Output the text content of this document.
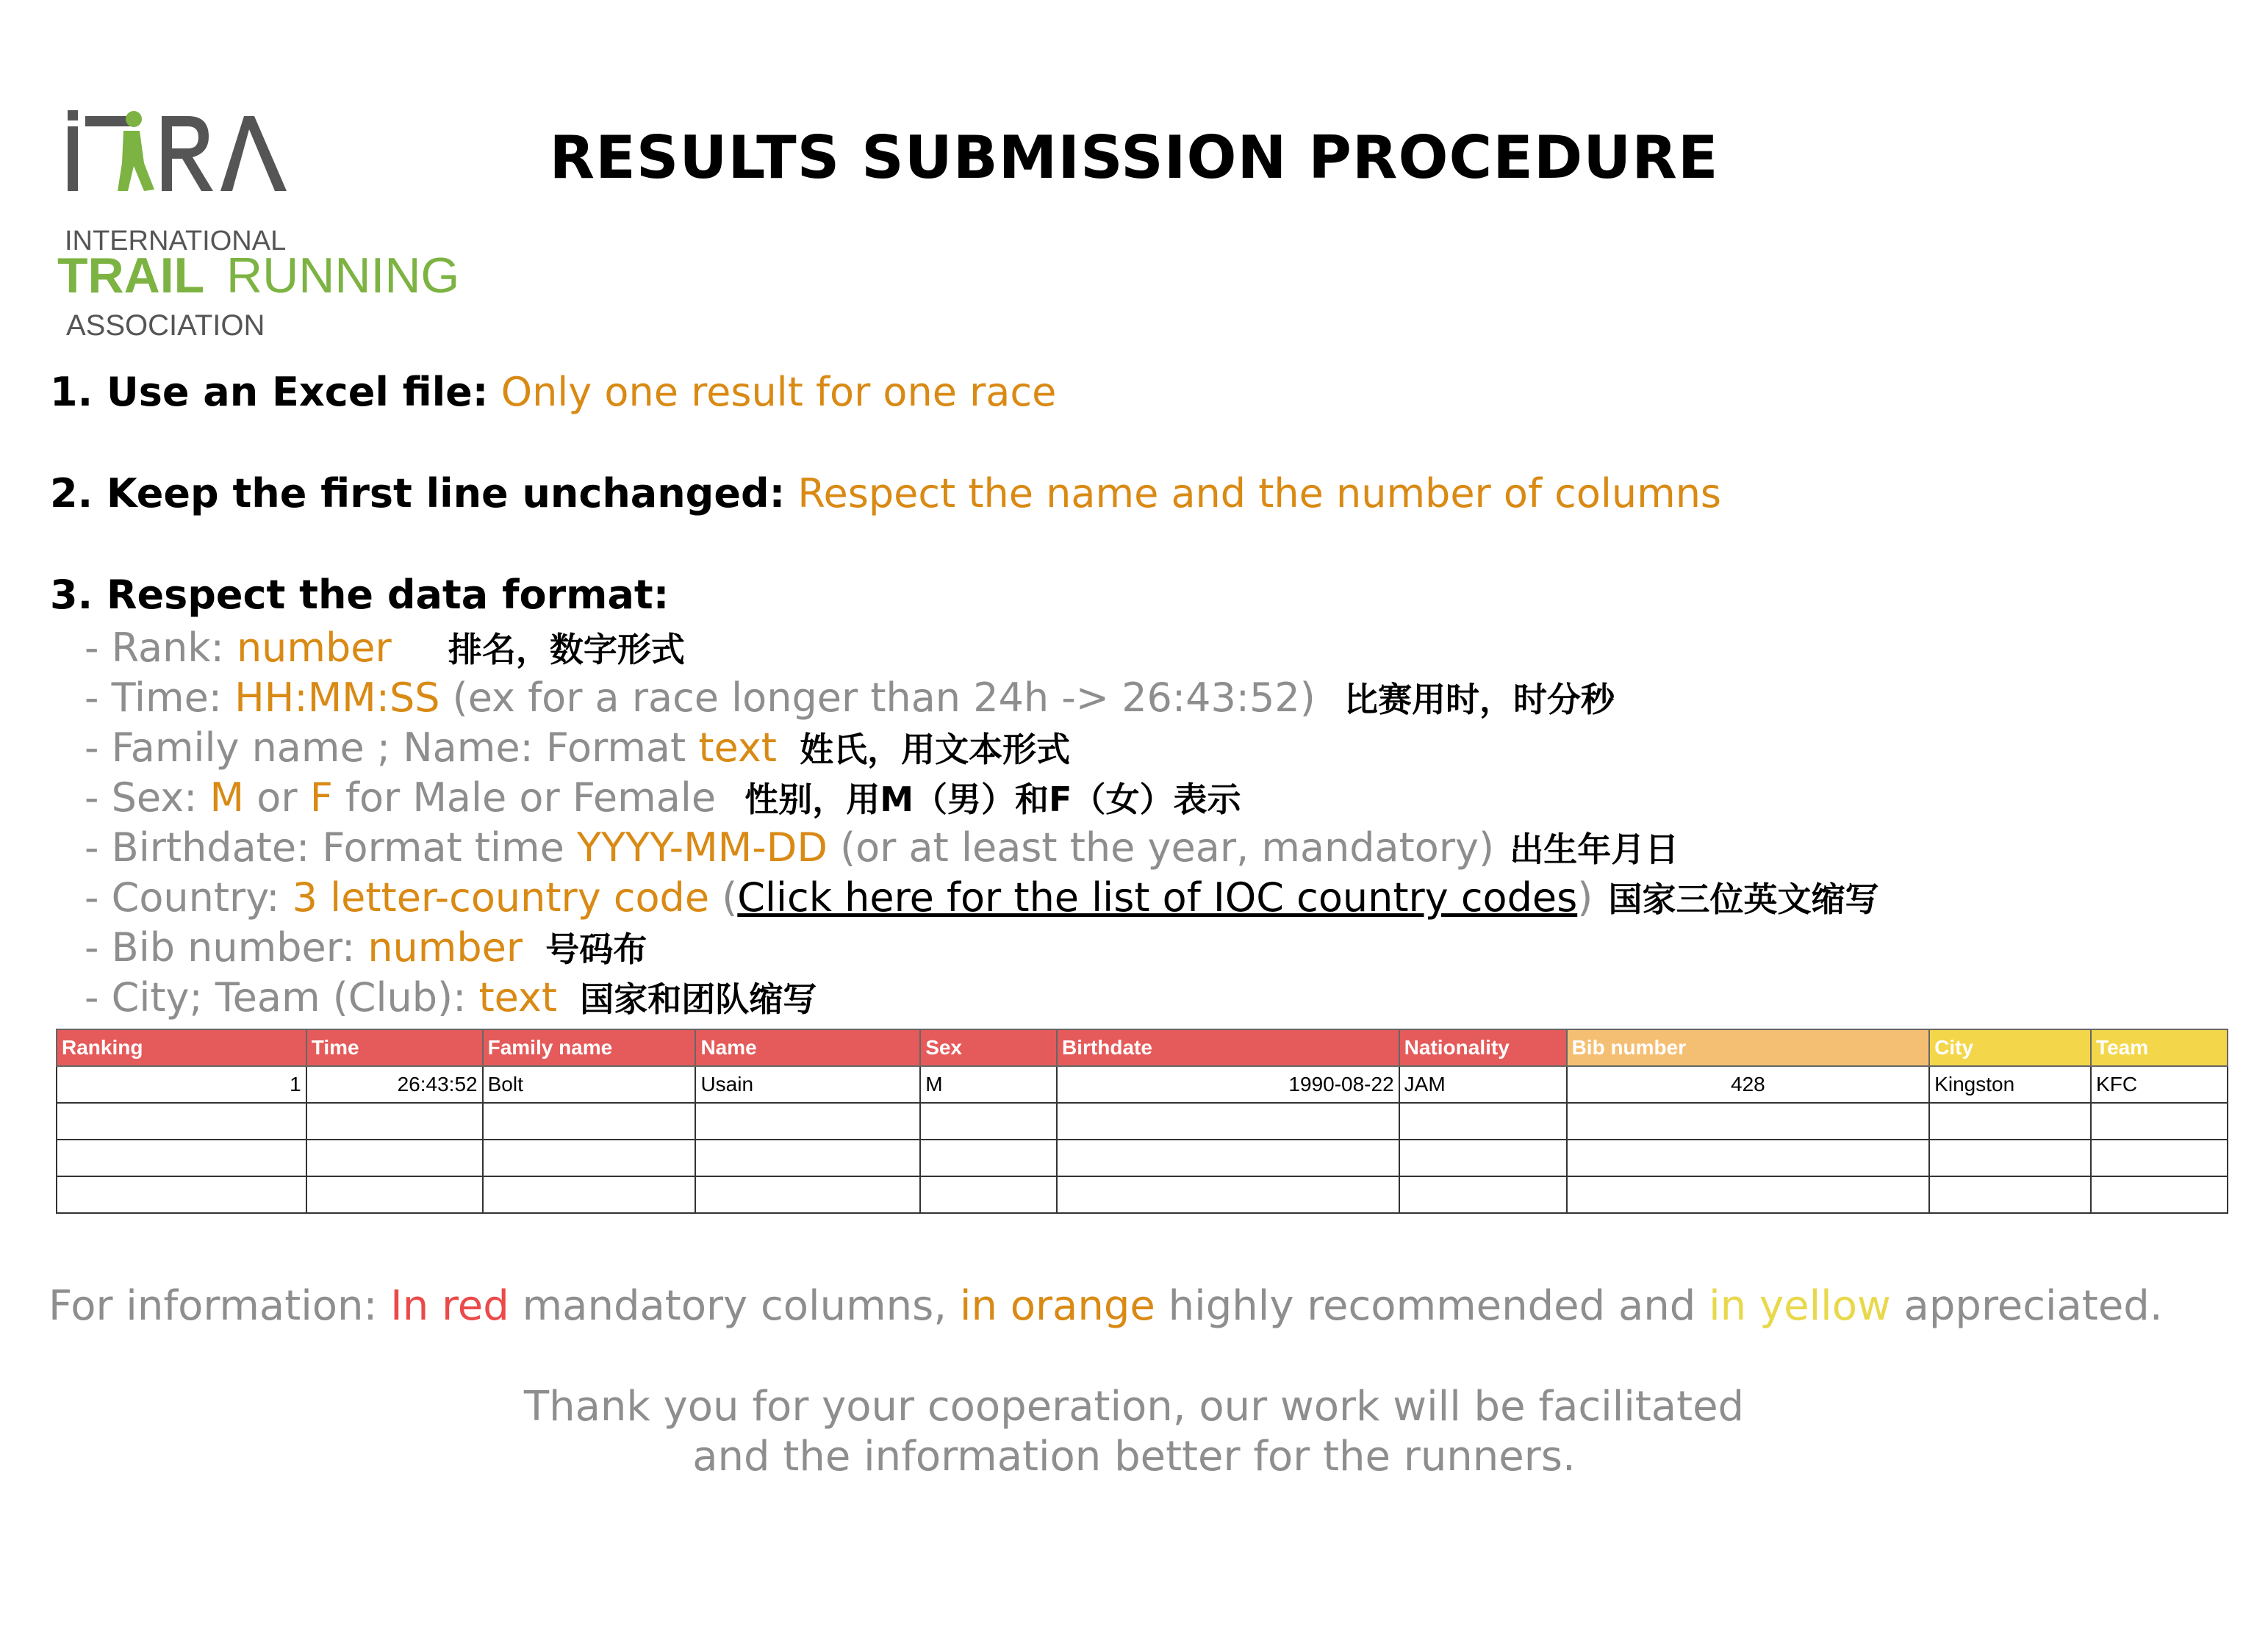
INTERNATIONAL
TRAIL RUNNING
ASSOCIATION
RESULTS SUBMISSION PROCEDURE
1. Use an Excel file: Only one result for one race
2. Keep the first line unchanged: Respect the name and the number of columns
3. Respect the data format:
- Rank: number 排名，数字形式
- Time: HH:MM:SS (ex for a race longer than 24h -> 26:43:52) 比赛用时，时分秒
- Family name ; Name: Format text 姓氏，用文本形式
- Sex: M or F for Male or Female 性别，用M（男）和F（女）表示
- Birthdate: Format time YYYY-MM-DD (or at least the year, mandatory) 出生年月日
- Country: 3 letter-country code (Click here for the list of IOC country codes) 国家三位英文缩写
- Bib number: number 号码布
- City; Team (Club): text 国家和团队缩写
Ranking	Time	Family name	Name	Sex	Birthdate	Nationality	Bib number	City	Team
1	26:43:52	Bolt	Usain	M	1990-08-22	JAM	428	Kingston	KFC

For information: In red mandatory columns, in orange highly recommended and in yellow appreciated.
Thank you for your cooperation, our work will be facilitated
and the information better for the runners.
